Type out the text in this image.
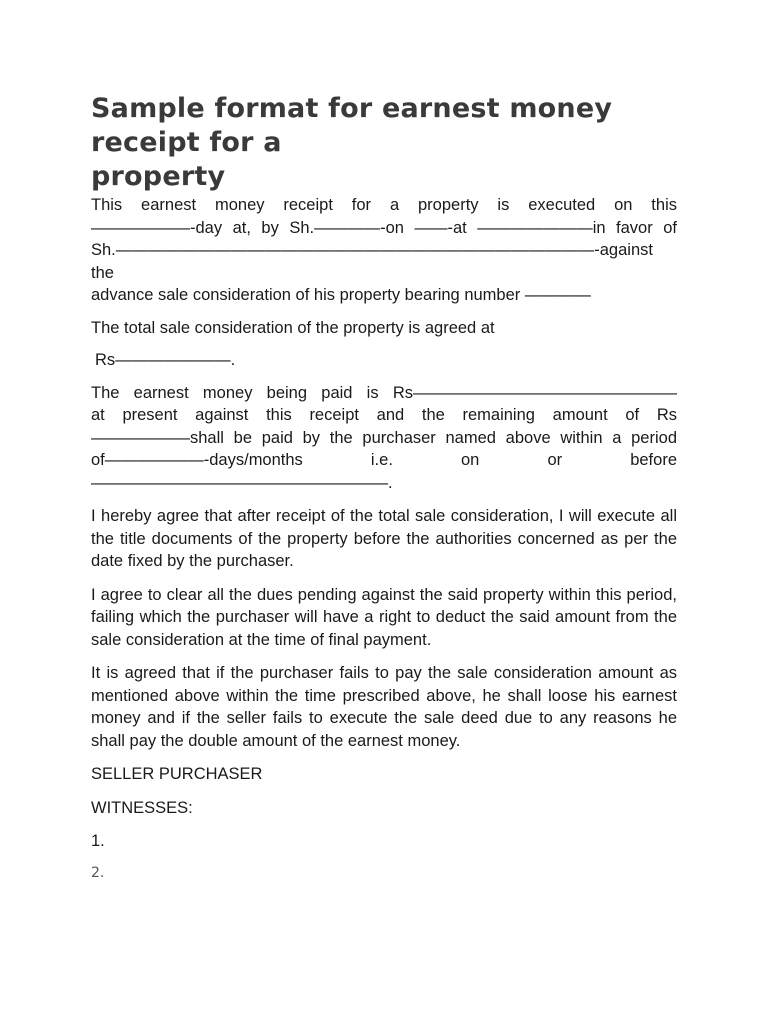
Sample format for earnest money
receipt for a
property

This earnest money receipt for a property is executed on this

——————-day at, by Sh.————-on ——-at ———————in favor of

Sh.—————————————————————————————-against the

advance sale consideration of his property bearing number ————

The total sale consideration of the property is agreed at

Rs———————.

The earnest money being paid is Rs————————————————

at present against this receipt and the remaining amount of Rs

——————shall be paid by the purchaser named above within a period

of——————-days/months i.e. on or before

——————————————————.

I hereby agree that after receipt of the total sale consideration, I will execute all the title documents of the property before the authorities concerned as per the date fixed by the purchaser.

I agree to clear all the dues pending against the said property within this period, failing which the purchaser will have a right to deduct the said amount from the sale consideration at the time of final payment.

It is agreed that if the purchaser fails to pay the sale consideration amount as mentioned above within the time prescribed above, he shall loose his earnest money and if the seller fails to execute the sale deed due to any reasons he shall pay the double amount of the earnest money.

SELLER PURCHASER

WITNESSES:

1.

2.
